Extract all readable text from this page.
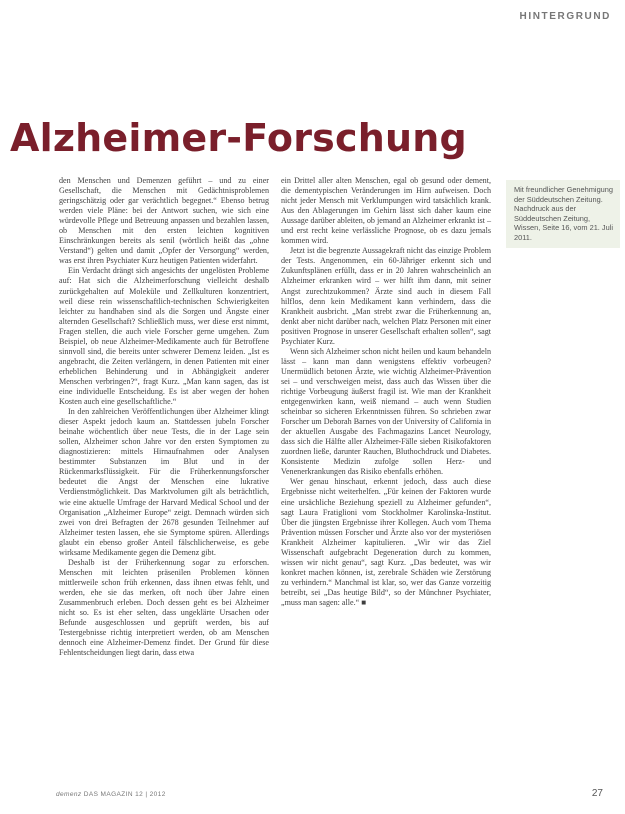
HINTERGRUND
Alzheimer-Forschung

den Menschen und Demenzen geführt – und zu einer Gesellschaft, die Menschen mit Gedächtnisproblemen geringschätzig oder gar verächtlich begegnet.“ Ebenso betrug werden viele Pläne: bei der Antwort suchen, wie sich eine würdevolle Pflege und Betreuung anpassen und bezahlen lassen, ob Menschen mit den ersten leichten kognitiven Einschränkungen bereits als senil (wörtlich heißt das „ohne Verstand“) gelten und damit „Opfer der Versorgung“ werden, was erst ihren Psychiater Kurz heutigen Patienten widerfahrt.

Ein Verdacht drängt sich angesichts der ungelösten Probleme auf: Hat sich die Alzheimerforschung vielleicht deshalb zurückgehalten auf Moleküle und Zellkulturen konzentriert, weil diese rein wissenschaftlich-technischen Schwierigkeiten leichter zu handhaben sind als die Sorgen und Ängste einer alternden Gesellschaft? Schließlich muss, wer diese erst nimmt, Fragen stellen, die auch viele Forscher gerne umgehen. Zum Beispiel, ob neue Alzheimer-Medikamente auch für Betroffene sinnvoll sind, die bereits unter schwerer Demenz leiden. „Ist es angebracht, die Zeiten verlängern, in denen Patienten mit einer erheblichen Behinderung und in Abhängigkeit anderer Menschen verbringen?“, fragt Kurz. „Man kann sagen, das ist eine individuelle Entscheidung. Es ist aber wegen der hohen Kosten auch eine gesellschaftliche.“

In den zahlreichen Veröffentlichungen über Alzheimer klingt dieser Aspekt jedoch kaum an. Stattdessen jubeln Forscher beinahe wöchentlich über neue Tests, die in der Lage sein sollen, Alzheimer schon Jahre vor den ersten Symptomen zu diagnostizieren: mittels Hirnaufnahmen oder Analysen bestimmter Substanzen im Blut und in der Rückenmarksflüssigkeit. Für die Früherkennungsforscher bedeutet die Angst der Menschen eine lukrative Verdienstmöglichkeit. Das Marktvolumen gilt als beträchtlich, wie eine aktuelle Umfrage der Harvard Medical School und der Organisation „Alzheimer Europe“ zeigt. Demnach würden sich zwei von drei Befragten der 2678 gesunden Teilnehmer auf Alzheimer testen lassen, ehe sie Symptome spüren. Allerdings glaubt ein ebenso großer Anteil fälschlicherweise, es gebe wirksame Medikamente gegen die Demenz gibt.

Deshalb ist der Früherkennung sogar zu erforschen. Menschen mit leichten präsenilen Problemen können mittlerweile schon früh erkennen, dass ihnen etwas fehlt, und werden, ehe sie das merken, oft noch über Jahre einen Zusammenbruch erleben. Doch dessen geht es bei Alzheimer nicht so. Es ist eher selten, dass ungeklärte Ursachen oder Befunde ausgeschlossen und geprüft werden, bis auf Testergebnisse richtig interpretiert werden, ob am Menschen dennoch eine Alzheimer-Demenz findet. Der Grund für diese Fehlentscheidungen liegt darin, dass etwa

ein Drittel aller alten Menschen, egal ob gesund oder dement, die dementypischen Veränderungen im Hirn aufweisen. Doch nicht jeder Mensch mit Verklumpungen wird tatsächlich krank. Aus den Ablagerungen im Gehirn lässt sich daher kaum eine Aussage darüber ableiten, ob jemand an Alzheimer erkrankt ist – und erst recht keine verlässliche Prognose, ob es dazu jemals kommen wird.

Jetzt ist die begrenzte Aussagekraft nicht das einzige Problem der Tests. Angenommen, ein 60-Jähriger erkennt sich und Zukunftsplänen erfüllt, dass er in 20 Jahren wahrscheinlich an Alzheimer erkranken wird – wer hilft ihm dann, mit seiner Angst zurechtzukommen? Ärzte sind auch in diesem Fall hilflos, denn kein Medikament kann verhindern, dass die Krankheit ausbricht. „Man strebt zwar die Früherkennung an, denkt aber nicht darüber nach, welchen Platz Personen mit einer positiven Prognose in unserer Gesellschaft erhalten sollen“, sagt Psychiater Kurz.

Wenn sich Alzheimer schon nicht heilen und kaum behandeln lässt – kann man dann wenigstens effektiv vorbeugen? Unermüdlich betonen Ärzte, wie wichtig Alzheimer-Prävention sei – und verschweigen meist, dass auch das Wissen über die richtige Vorbeugung äußerst fragil ist. Wie man der Krankheit entgegenwirken kann, weiß niemand – auch wenn Studien scheinbar so sicheren Erkenntnissen führen. So schrieben zwar Forscher um Deborah Barnes von der University of California in der aktuellen Ausgabe des Fachmagazins Lancet Neurology, dass sich die Hälfte aller Alzheimer-Fälle sieben Risikofaktoren zuordnen ließe, darunter Rauchen, Bluthochdruck und Diabetes. Konsistente Medizin zufolge sollen Herz- und Venenerkrankungen das Risiko ebenfalls erhöhen.

Wer genau hinschaut, erkennt jedoch, dass auch diese Ergebnisse nicht weiterhelfen. „Für keinen der Faktoren wurde eine ursächliche Beziehung speziell zu Alzheimer gefunden“, sagt Laura Fratiglioni vom Stockholmer Karolinska-Institut. Über die jüngsten Ergebnisse ihrer Kollegen. Auch vom Thema Prävention müssen Forscher und Ärzte also vor der mysteriösen Krankheit Alzheimer kapitulieren. „Wir wir das Ziel Wissenschaft aufgebracht Degeneration durch zu kommen, wissen wir nicht genau“, sagt Kurz. „Das bedeutet, was wir konkret machen können, ist, zerebrale Schäden wie Zerstörung zu verhindern.“ Manchmal ist klar, so, wer das Ganze vorzeitig betreibt, sei „Das heutige Bild“, so der Münchner Psychiater, „muss man sagen: alle.“ ■

Mit freundlicher Genehmigung der Süddeutschen Zeitung. Nachdruck aus der Süddeutschen Zeitung, Wissen, Seite 16, vom 21. Juli 2011.
demenz DAS MAGAZIN 12 | 2012	27
